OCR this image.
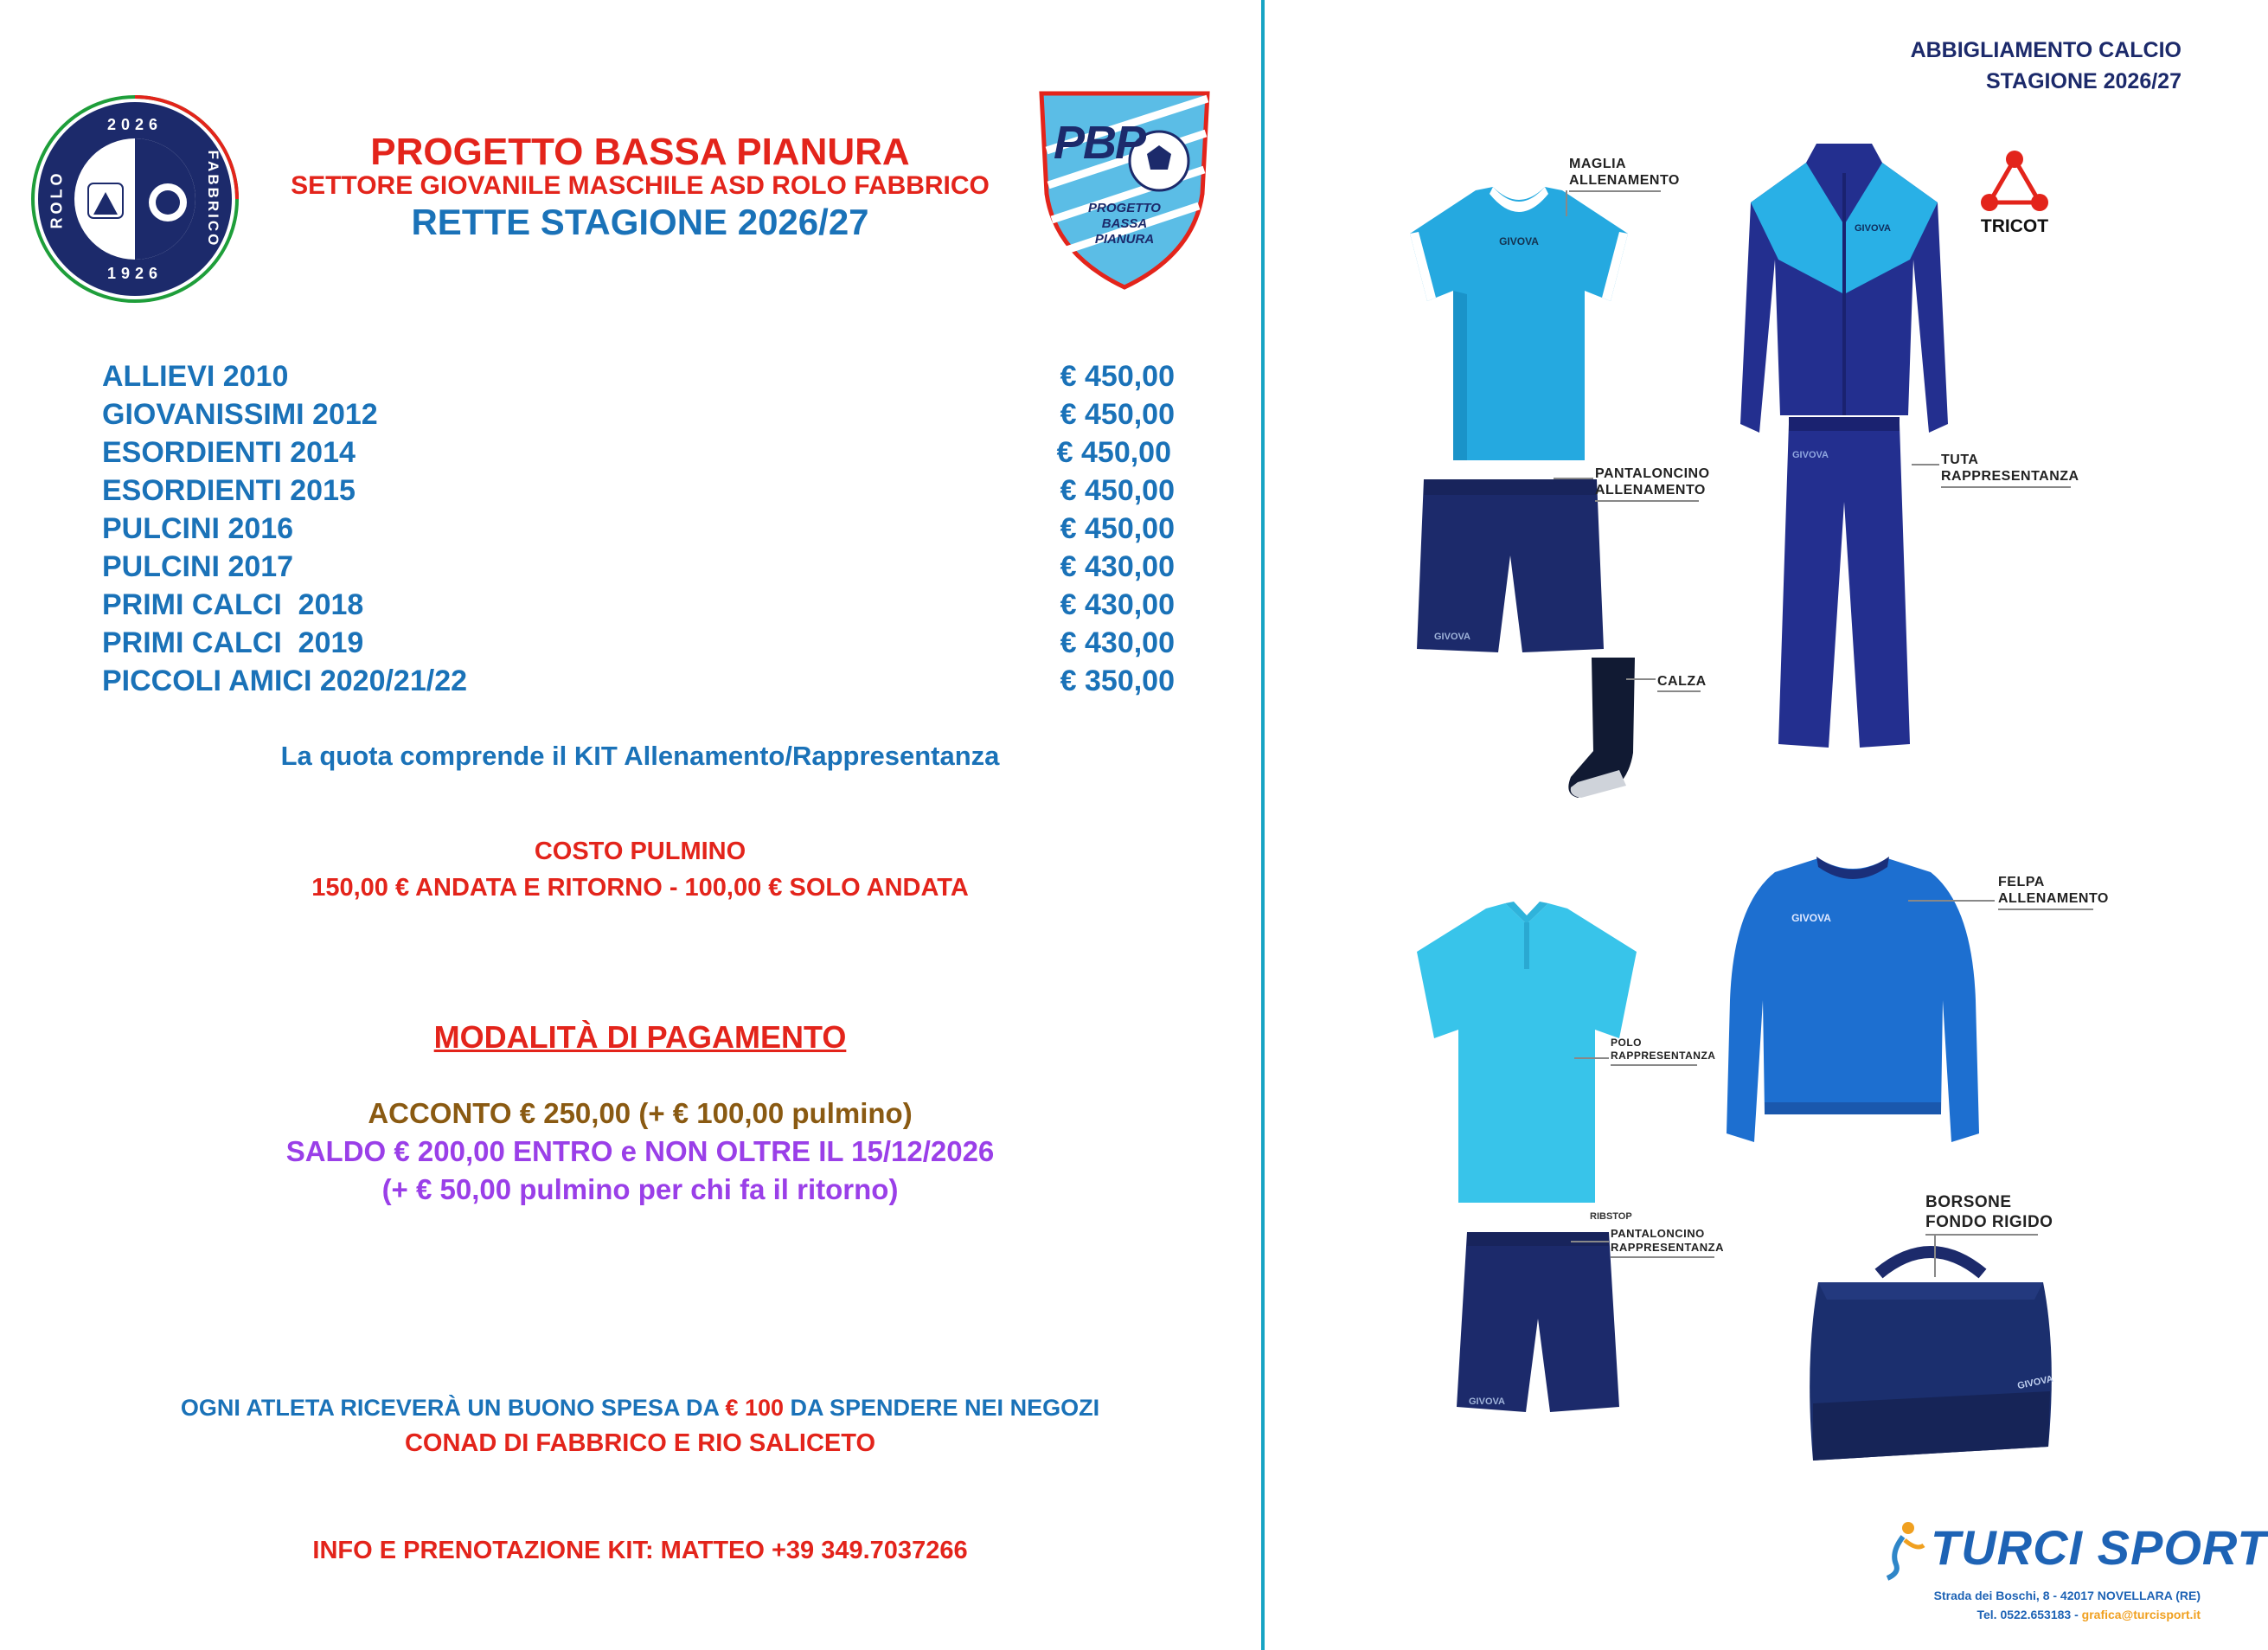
2026
1926
ROLO	FABBRICO	PROGETTO BASSA PIANURA
SETTORE GIOVANILE MASCHILE ASD ROLO FABBRICO
RETTE STAGIONE 2026/27
PBP
PROGETTO BASSA PIANURA
ALLIEVI 2010	€ 450,00
GIOVANISSIMI 2012	€ 450,00
ESORDIENTI 2014	€ 450,00
ESORDIENTI 2015	€ 450,00
PULCINI 2016	€ 450,00
PULCINI 2017	€ 430,00
PRIMI CALCI  2018	€ 430,00
PRIMI CALCI  2019	€ 430,00
PICCOLI AMICI 2020/21/22	€ 350,00
La quota comprende il KIT Allenamento/Rappresentanza
COSTO PULMINO
150,00 € ANDATA E RITORNO - 100,00 € SOLO ANDATA
MODALITÀ DI PAGAMENTO
ACCONTO € 250,00 (+ € 100,00 pulmino)
SALDO € 200,00 ENTRO e NON OLTRE IL 15/12/2026
(+ € 50,00 pulmino per chi fa il ritorno)
OGNI ATLETA RICEVERÀ UN BUONO SPESA DA € 100 DA SPENDERE NEI NEGOZI
CONAD DI FABBRICO E RIO SALICETO
INFO E PRENOTAZIONE KIT: MATTEO +39 349.7037266
ABBIGLIAMENTO CALCIO
STAGIONE 2026/27
TRICOT
GIVOVA
GIVOVA
GIVOVA
GIVOVA
GIVOVA
GIVOVA
GIVOVA
MAGLIA
ALLENAMENTO
TUTA
RAPPRESENTANZA
PANTALONCINO
ALLENAMENTO
CALZA
FELPA
ALLENAMENTO
POLO
RAPPRESENTANZA
RIBSTOP
PANTALONCINO
RAPPRESENTANZA
BORSONE
FONDO RIGIDO
TURCI SPORT
Strada dei Boschi, 8 - 42017 NOVELLARA (RE)
Tel. 0522.653183 - grafica@turcisport.it
